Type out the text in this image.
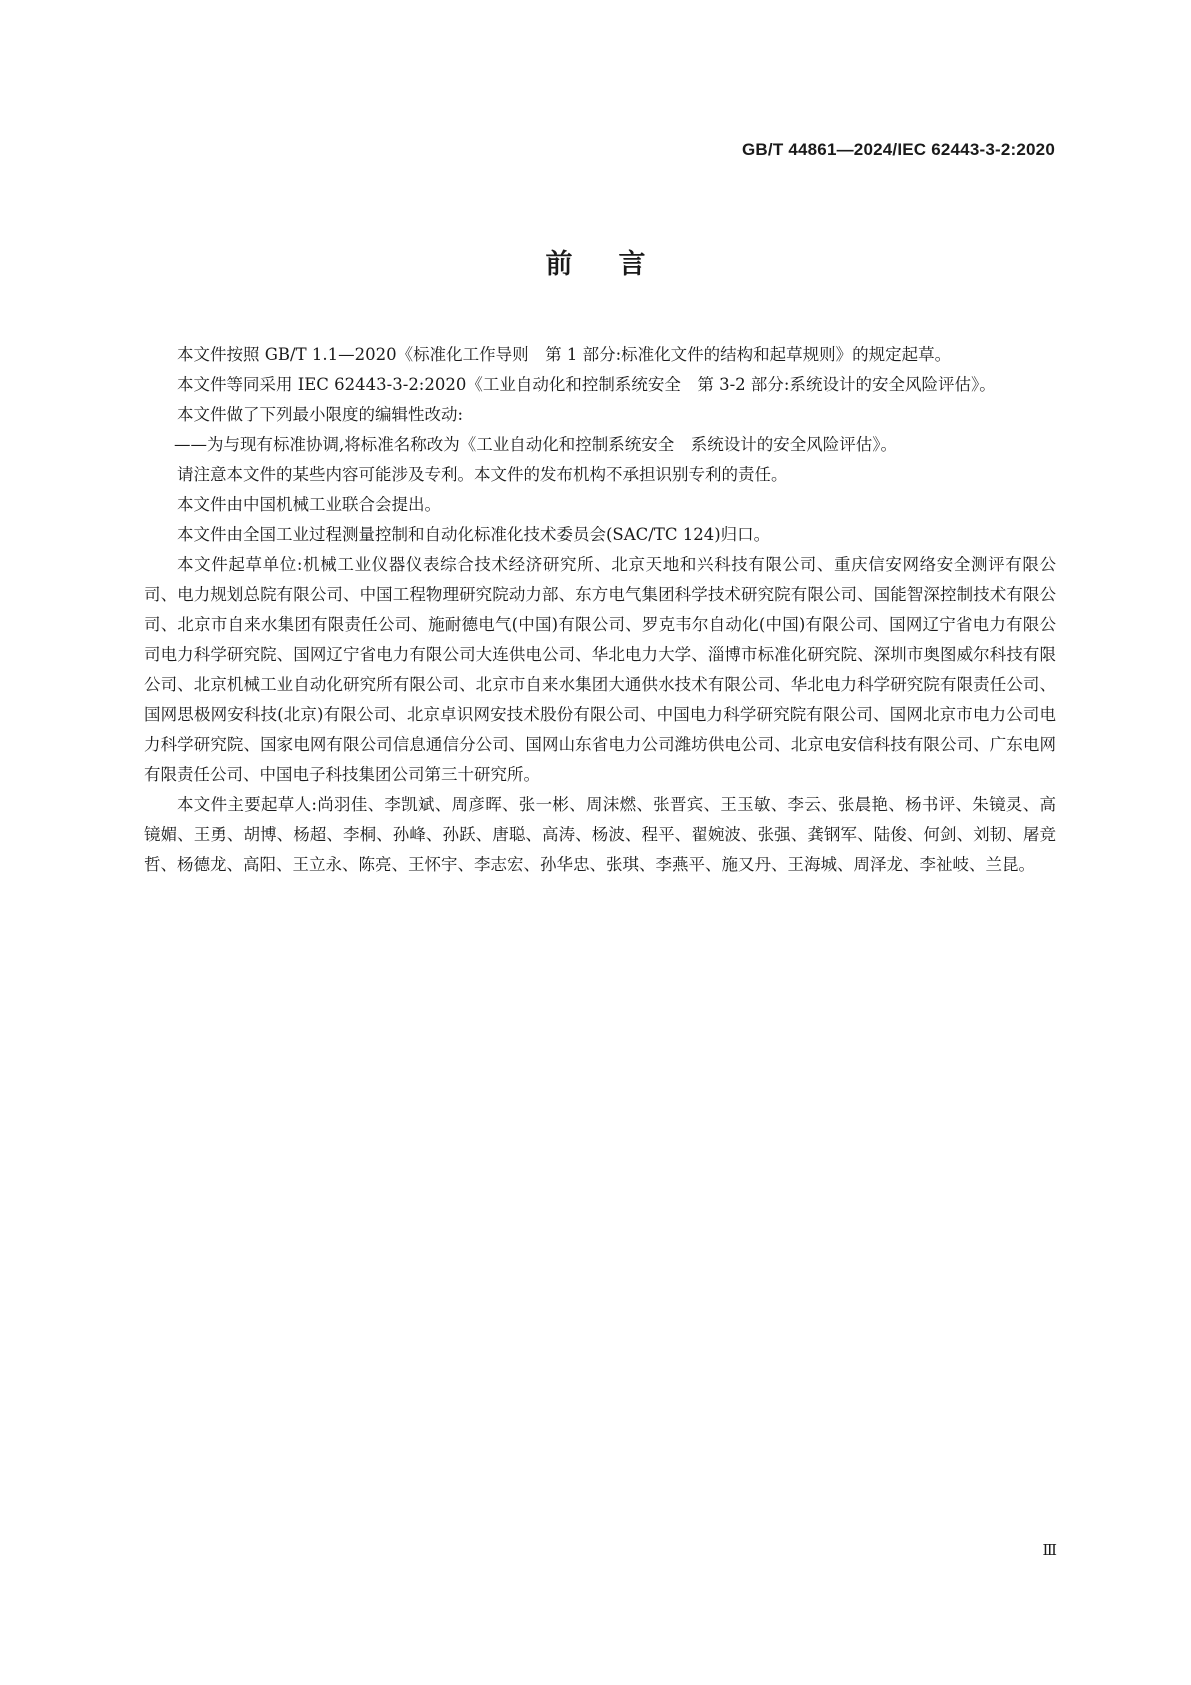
GB/T 44861—2024/IEC 62443-3-2:2020
前言

本文件按照 GB/T 1.1—2020《标准化工作导则　第 1 部分:标准化文件的结构和起草规则》的规定起草。

本文件等同采用 IEC 62443-3-2:2020《工业自动化和控制系统安全　第 3-2 部分:系统设计的安全风险评估》。

本文件做了下列最小限度的编辑性改动:

——为与现有标准协调,将标准名称改为《工业自动化和控制系统安全　系统设计的安全风险评估》。

请注意本文件的某些内容可能涉及专利。本文件的发布机构不承担识别专利的责任。

本文件由中国机械工业联合会提出。

本文件由全国工业过程测量控制和自动化标准化技术委员会(SAC/TC 124)归口。

本文件起草单位:机械工业仪器仪表综合技术经济研究所、北京天地和兴科技有限公司、重庆信安网络安全测评有限公司、电力规划总院有限公司、中国工程物理研究院动力部、东方电气集团科学技术研究院有限公司、国能智深控制技术有限公司、北京市自来水集团有限责任公司、施耐德电气(中国)有限公司、罗克韦尔自动化(中国)有限公司、国网辽宁省电力有限公司电力科学研究院、国网辽宁省电力有限公司大连供电公司、华北电力大学、淄博市标准化研究院、深圳市奥图威尔科技有限公司、北京机械工业自动化研究所有限公司、北京市自来水集团大通供水技术有限公司、华北电力科学研究院有限责任公司、国网思极网安科技(北京)有限公司、北京卓识网安技术股份有限公司、中国电力科学研究院有限公司、国网北京市电力公司电力科学研究院、国家电网有限公司信息通信分公司、国网山东省电力公司潍坊供电公司、北京电安信科技有限公司、广东电网有限责任公司、中国电子科技集团公司第三十研究所。

本文件主要起草人:尚羽佳、李凯斌、周彦晖、张一彬、周沫燃、张晋宾、王玉敏、李云、张晨艳、杨书评、朱镜灵、高镜媚、王勇、胡博、杨超、李桐、孙峰、孙跃、唐聪、高涛、杨波、程平、翟婉波、张强、龚钢军、陆俊、何剑、刘韧、屠竞哲、杨德龙、高阳、王立永、陈亮、王怀宇、李志宏、孙华忠、张琪、李燕平、施又丹、王海城、周泽龙、李祉岐、兰昆。

Ⅲ
